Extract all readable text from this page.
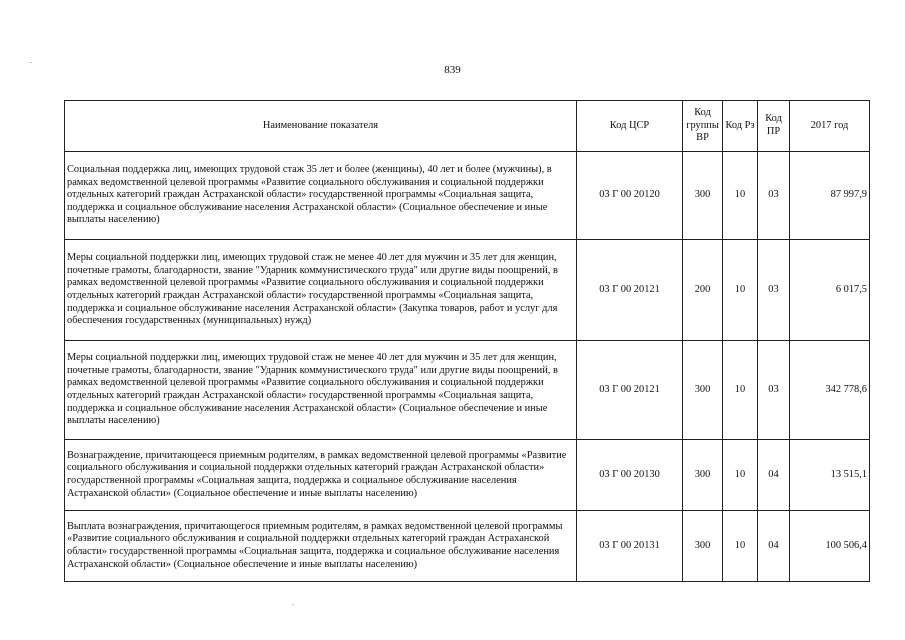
839
Наименование показателя	Код ЦСР	Код группы ВР	Код Рз	Код ПР	2017 год
Социальная поддержка лиц, имеющих трудовой стаж 35 лет и более (женщины), 40 лет и более (мужчины), в рамках ведомственной целевой программы «Развитие социального обслуживания и социальной поддержки отдельных категорий граждан Астраханской области» государственной программы «Социальная защита, поддержка и социальное обслуживание населения Астраханской области» (Социальное обеспечение и иные выплаты населению)	03 Г 00 20120	300	10	03	87 997,9
Меры социальной поддержки лиц, имеющих трудовой стаж не менее 40 лет для мужчин и 35 лет для женщин, почетные грамоты, благодарности, звание "Ударник коммунистического труда" или другие виды поощрений, в рамках ведомственной целевой программы «Развитие социального обслуживания и социальной поддержки отдельных категорий граждан Астраханской области» государственной программы «Социальная защита, поддержка и социальное обслуживание населения Астраханской области» (Закупка товаров, работ и услуг для обеспечения государственных (муниципальных) нужд)	03 Г 00 20121	200	10	03	6 017,5
Меры социальной поддержки лиц, имеющих трудовой стаж не менее 40 лет для мужчин и 35 лет для женщин, почетные грамоты, благодарности, звание "Ударник коммунистического труда" или другие виды поощрений, в рамках ведомственной целевой программы «Развитие социального обслуживания и социальной поддержки отдельных категорий граждан Астраханской области» государственной программы «Социальная защита, поддержка и социальное обслуживание населения Астраханской области» (Социальное обеспечение и иные выплаты населению)	03 Г 00 20121	300	10	03	342 778,6
Вознаграждение, причитающееся приемным родителям, в рамках ведомственной целевой программы «Развитие социального обслуживания и социальной поддержки отдельных категорий граждан Астраханской области» государственной программы «Социальная защита, поддержка и социальное обслуживание населения Астраханской области» (Социальное обеспечение и иные выплаты населению)	03 Г 00 20130	300	10	04	13 515,1
Выплата вознаграждения, причитающегося приемным родителям, в рамках ведомственной целевой программы «Развитие социального обслуживания и социальной поддержки отдельных категорий граждан Астраханской области» государственной программы «Социальная защита, поддержка и социальное обслуживание населения Астраханской области» (Социальное обеспечение и иные выплаты населению)	03 Г 00 20131	300	10	04	100 506,4
.
.
